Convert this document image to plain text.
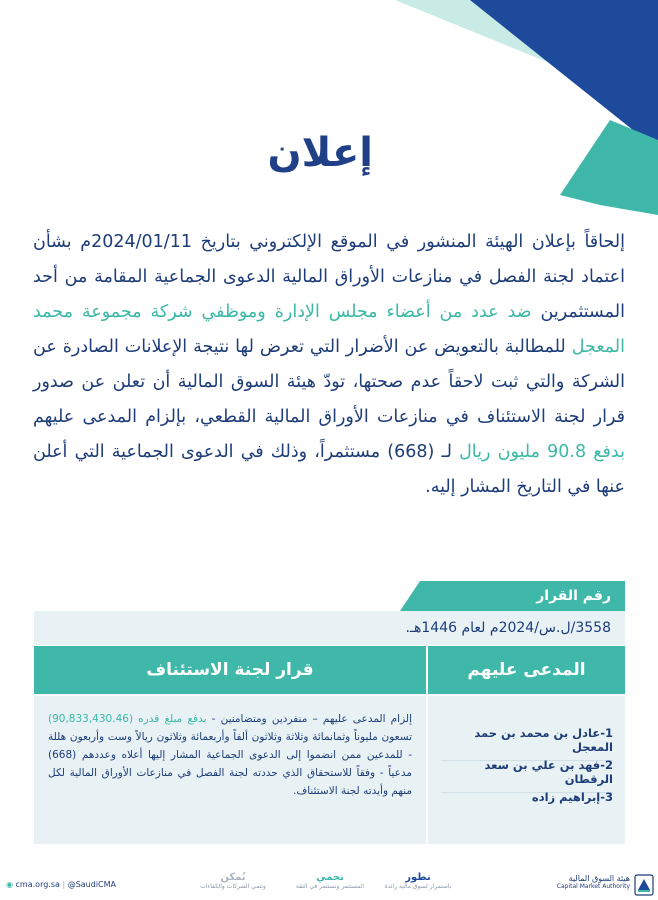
إعلان
إلحاقاً بإعلان الهيئة المنشور في الموقع الإلكتروني بتاريخ 2024/01/11م بشأن اعتماد لجنة الفصل في منازعات الأوراق المالية الدعوى الجماعية المقامة من أحد المستثمرين ضد عدد من أعضاء مجلس الإدارة وموظفي شركة مجموعة محمد المعجل للمطالبة بالتعويض عن الأضرار التي تعرض لها نتيجة الإعلانات الصادرة عن الشركة والتي ثبت لاحقاً عدم صحتها، تودّ هيئة السوق المالية أن تعلن عن صدور قرار لجنة الاستئناف في منازعات الأوراق المالية القطعي، بإلزام المدعى عليهم بدفع 90.8 مليون ريال لـ (668) مستثمراً، وذلك في الدعوى الجماعية التي أعلن عنها في التاريخ المشار إليه.
رقم القرار
3558/ل.س/2024م لعام 1446هـ.
المدعى عليهم
قرار لجنة الاستئناف
1-عادل بن محمد بن حمد المعجل
2-فهد بن علي بن سعد الرقطان
3-إبراهيم زاده

إلزام المدعى عليهم – منفردين ومتضامنين - بدفع مبلغ قدره (90,833,430.46) تسعون مليوناً وثمانمائة وثلاثة وثلاثون ألفاً وأربعمائة وثلاثون ريالاً وست وأربعون هللة - للمدعين ممن انضموا إلى الدعوى الجماعية المشار إليها أعلاه وعددهم (668) مدعياً - وفقاً للاستحقاق الذي حددته لجنة الفصل في منازعات الأوراق المالية لكل منهم وأيدته لجنة الاستئناف.

◉ cma.org.sa | @SaudiCMA
نُمكن
وتنمي الشركات والكفاءات
نحمي
المستثمر ونستثمر في الثقة
نطور
باستمرار لسوق مالية رائدة
هيئة السوق المالية
Capital Market Authority
